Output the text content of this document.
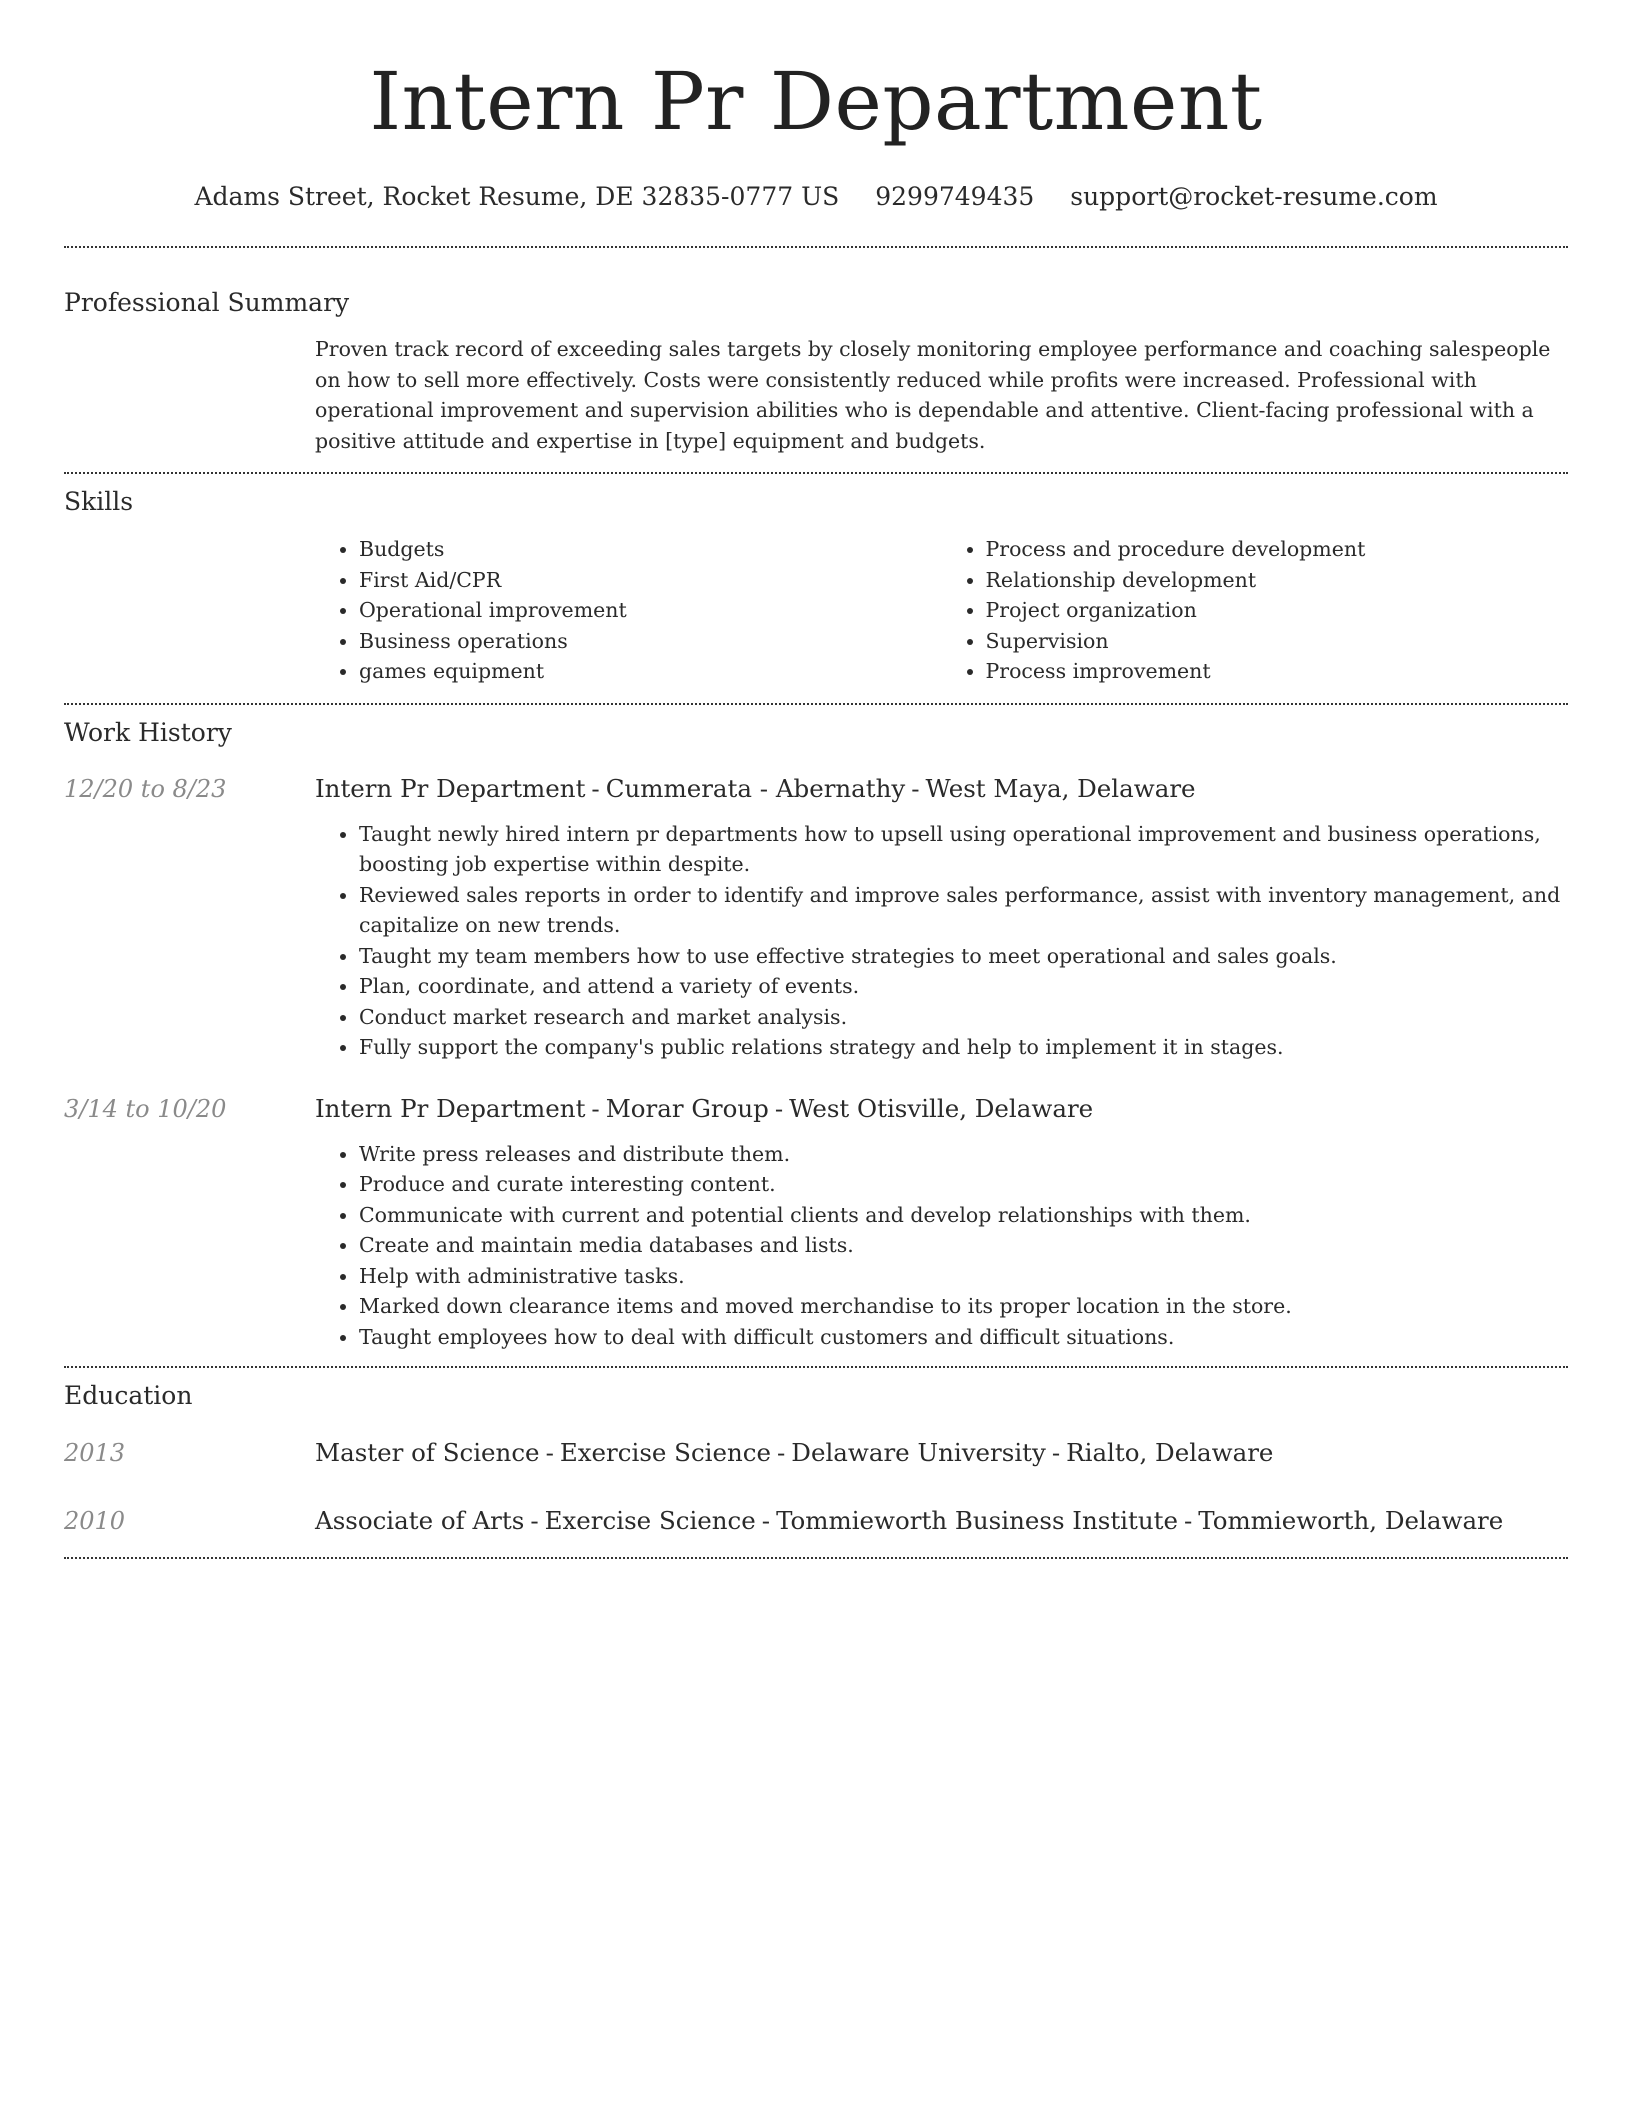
Intern Pr Department
Adams Street, Rocket Resume, DE 32835-0777 US 9299749435 support@rocket-resume.com
Professional Summary

Proven track record of exceeding sales targets by closely monitoring employee performance and coaching salespeople on how to sell more effectively. Costs were consistently reduced while profits were increased. Professional with operational improvement and supervision abilities who is dependable and attentive. Client-facing professional with a positive attitude and expertise in [type] equipment and budgets.

Skills
• Budgets
• First Aid/CPR
• Operational improvement
• Business operations
• games equipment
• Process and procedure development
• Relationship development
• Project organization
• Supervision
• Process improvement
Work History
12/20 to 8/23	Intern Pr Department - Cummerata - Abernathy - West Maya, Delaware
• Taught newly hired intern pr departments how to upsell using operational improvement and business operations, boosting job expertise within despite.
• Reviewed sales reports in order to identify and improve sales performance, assist with inventory management, and capitalize on new trends.
• Taught my team members how to use effective strategies to meet operational and sales goals.
• Plan, coordinate, and attend a variety of events.
• Conduct market research and market analysis.
• Fully support the company's public relations strategy and help to implement it in stages.
3/14 to 10/20	Intern Pr Department - Morar Group - West Otisville, Delaware
• Write press releases and distribute them.
• Produce and curate interesting content.
• Communicate with current and potential clients and develop relationships with them.
• Create and maintain media databases and lists.
• Help with administrative tasks.
• Marked down clearance items and moved merchandise to its proper location in the store.
• Taught employees how to deal with difficult customers and difficult situations.
Education
2013	Master of Science - Exercise Science - Delaware University - Rialto, Delaware
2010	Associate of Arts - Exercise Science - Tommieworth Business Institute - Tommieworth, Delaware
